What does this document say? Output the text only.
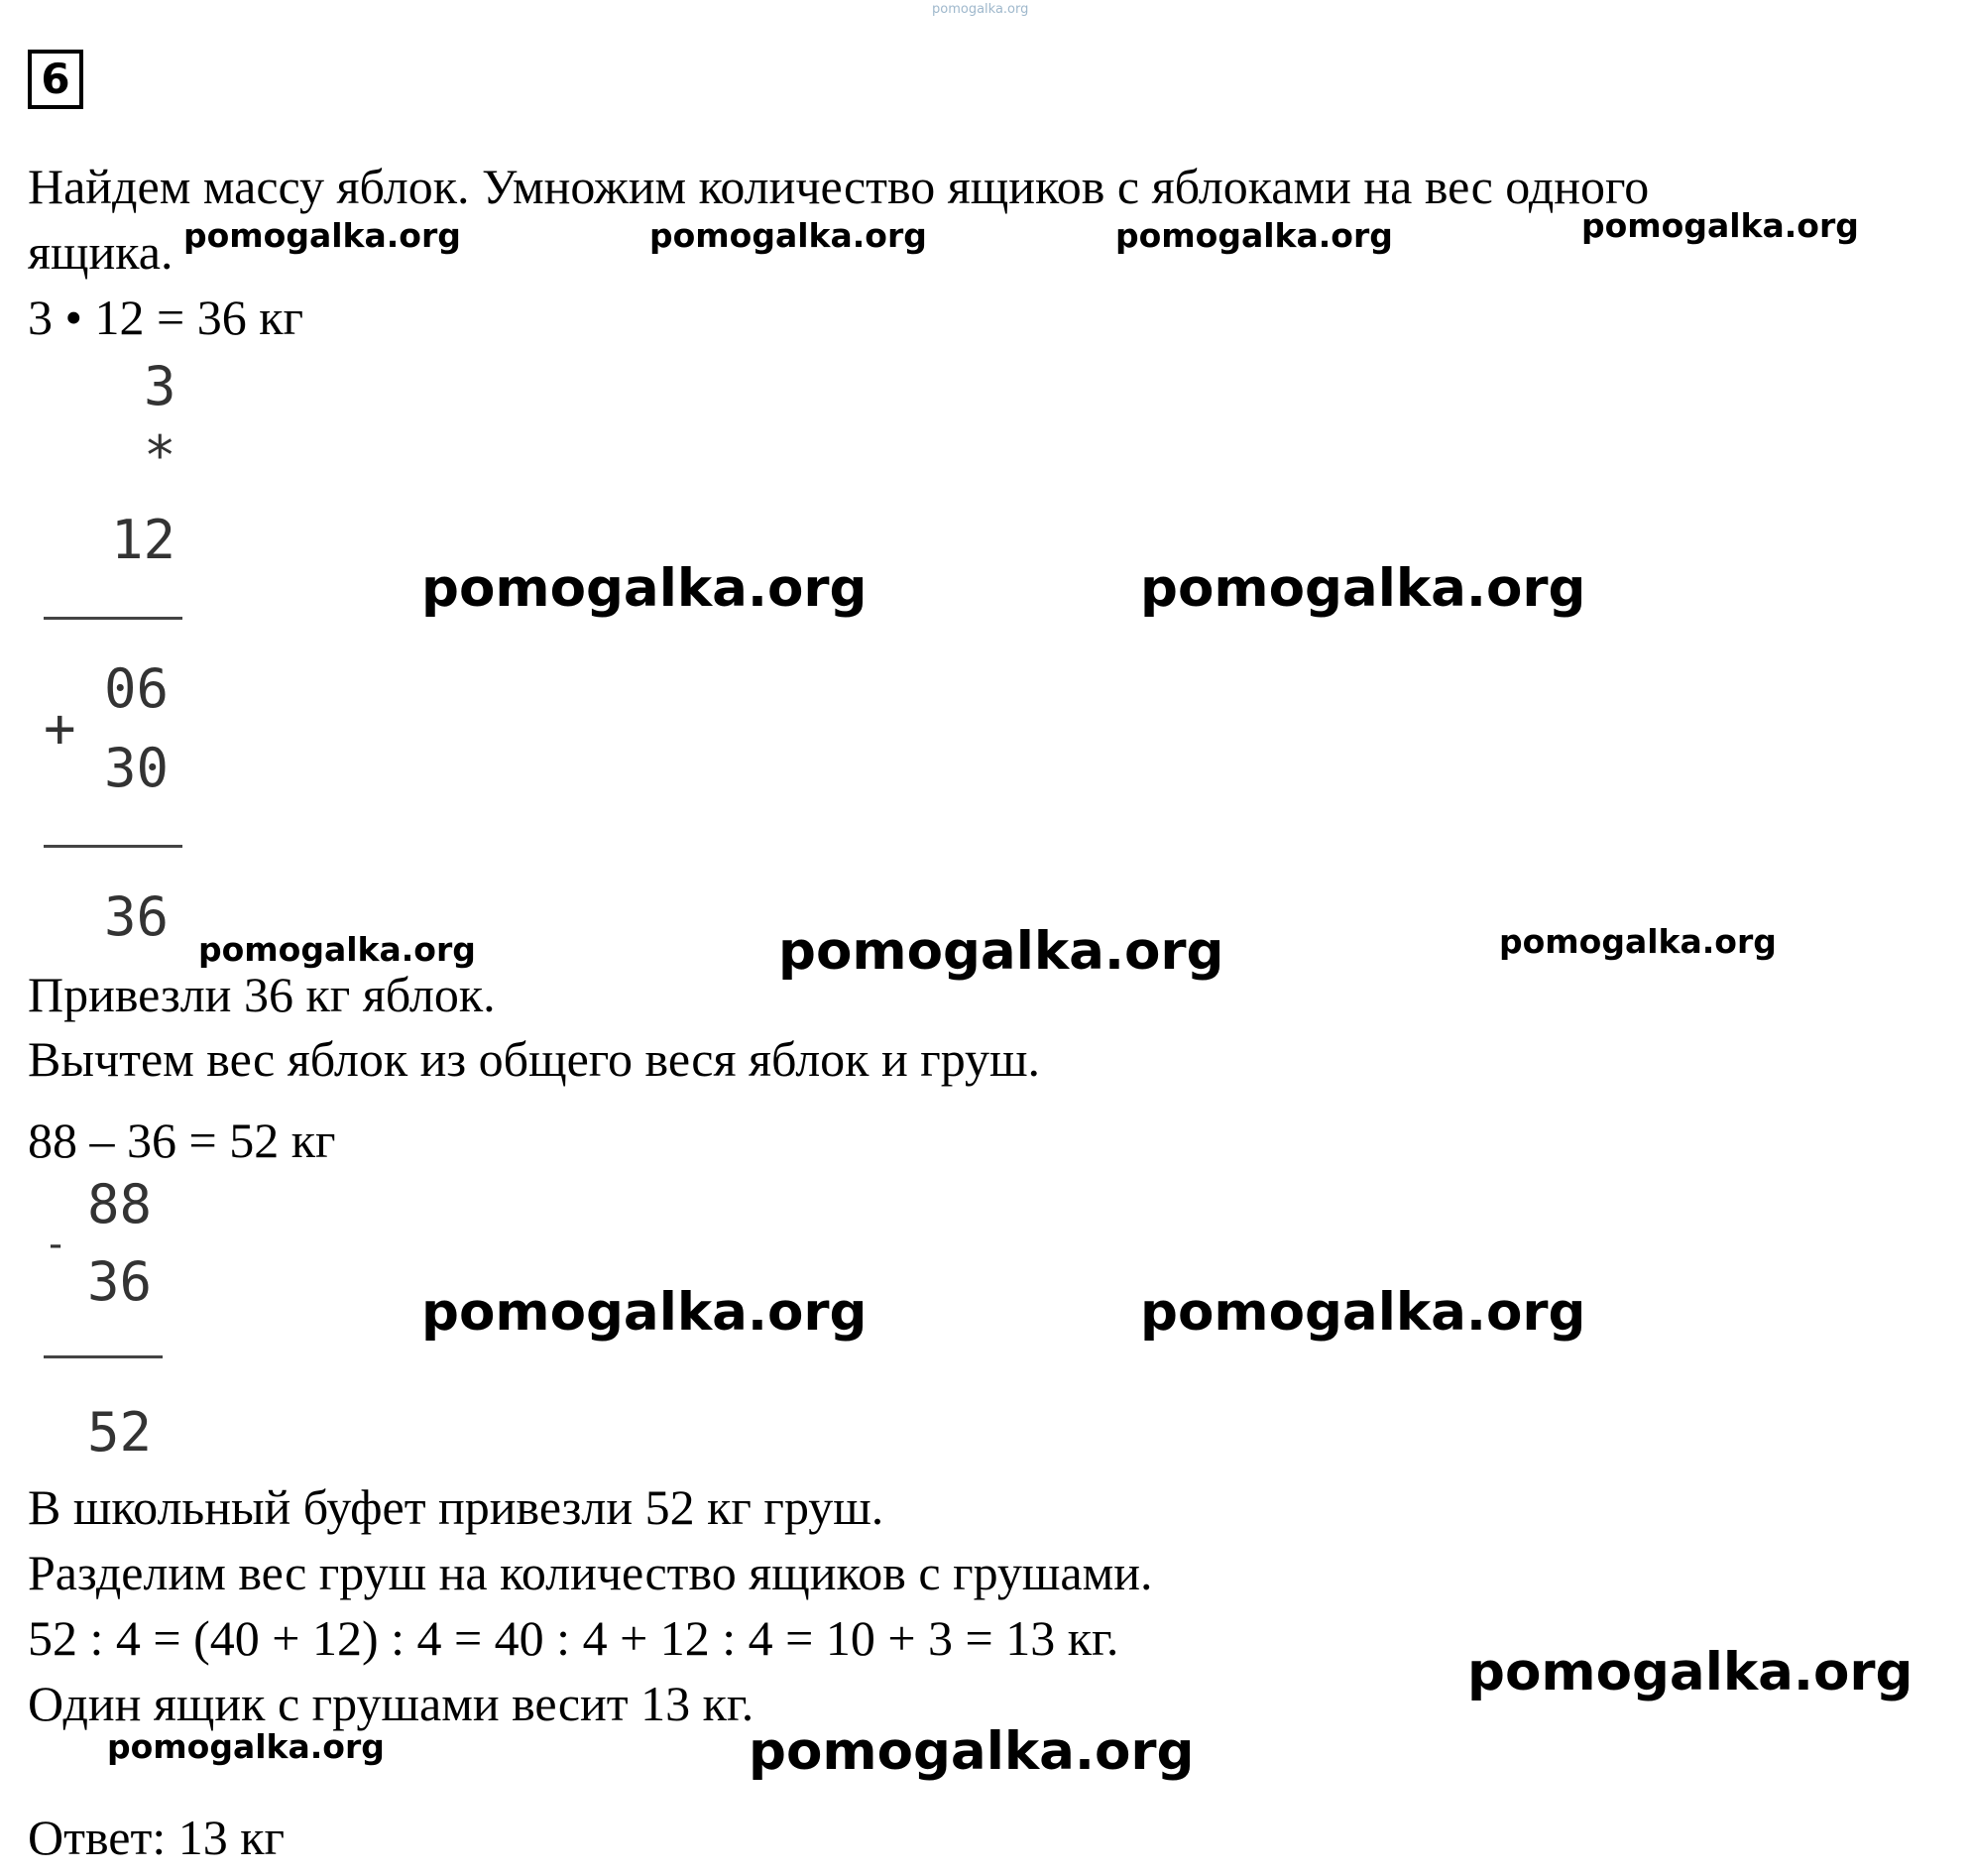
pomogalka.org
6
Найдем массу яблок. Умножим количество ящиков с яблоками на вес одного
ящика. pomogalka.org	pomogalka.org	pomogalka.org	pomogalka.org
3 • 12 = 36 кг
3
*
12
06
+
30
36
pomogalka.org	pomogalka.org
pomogalka.org	pomogalka.org	pomogalka.org
Привезли 36 кг яблок.
Вычтем вес яблок из общего веся яблок и груш.
88 – 36 = 52 кг
88
-
36
52
pomogalka.org	pomogalka.org
В школьный буфет привезли 52 кг груш.
Разделим вес груш на количество ящиков с грушами.
52 : 4 = (40 + 12) : 4 = 40 : 4 + 12 : 4 = 10 + 3 = 13 кг.
Один ящик с грушами весит 13 кг.
pomogalka.org
pomogalka.org	pomogalka.org
Ответ: 13 кг
